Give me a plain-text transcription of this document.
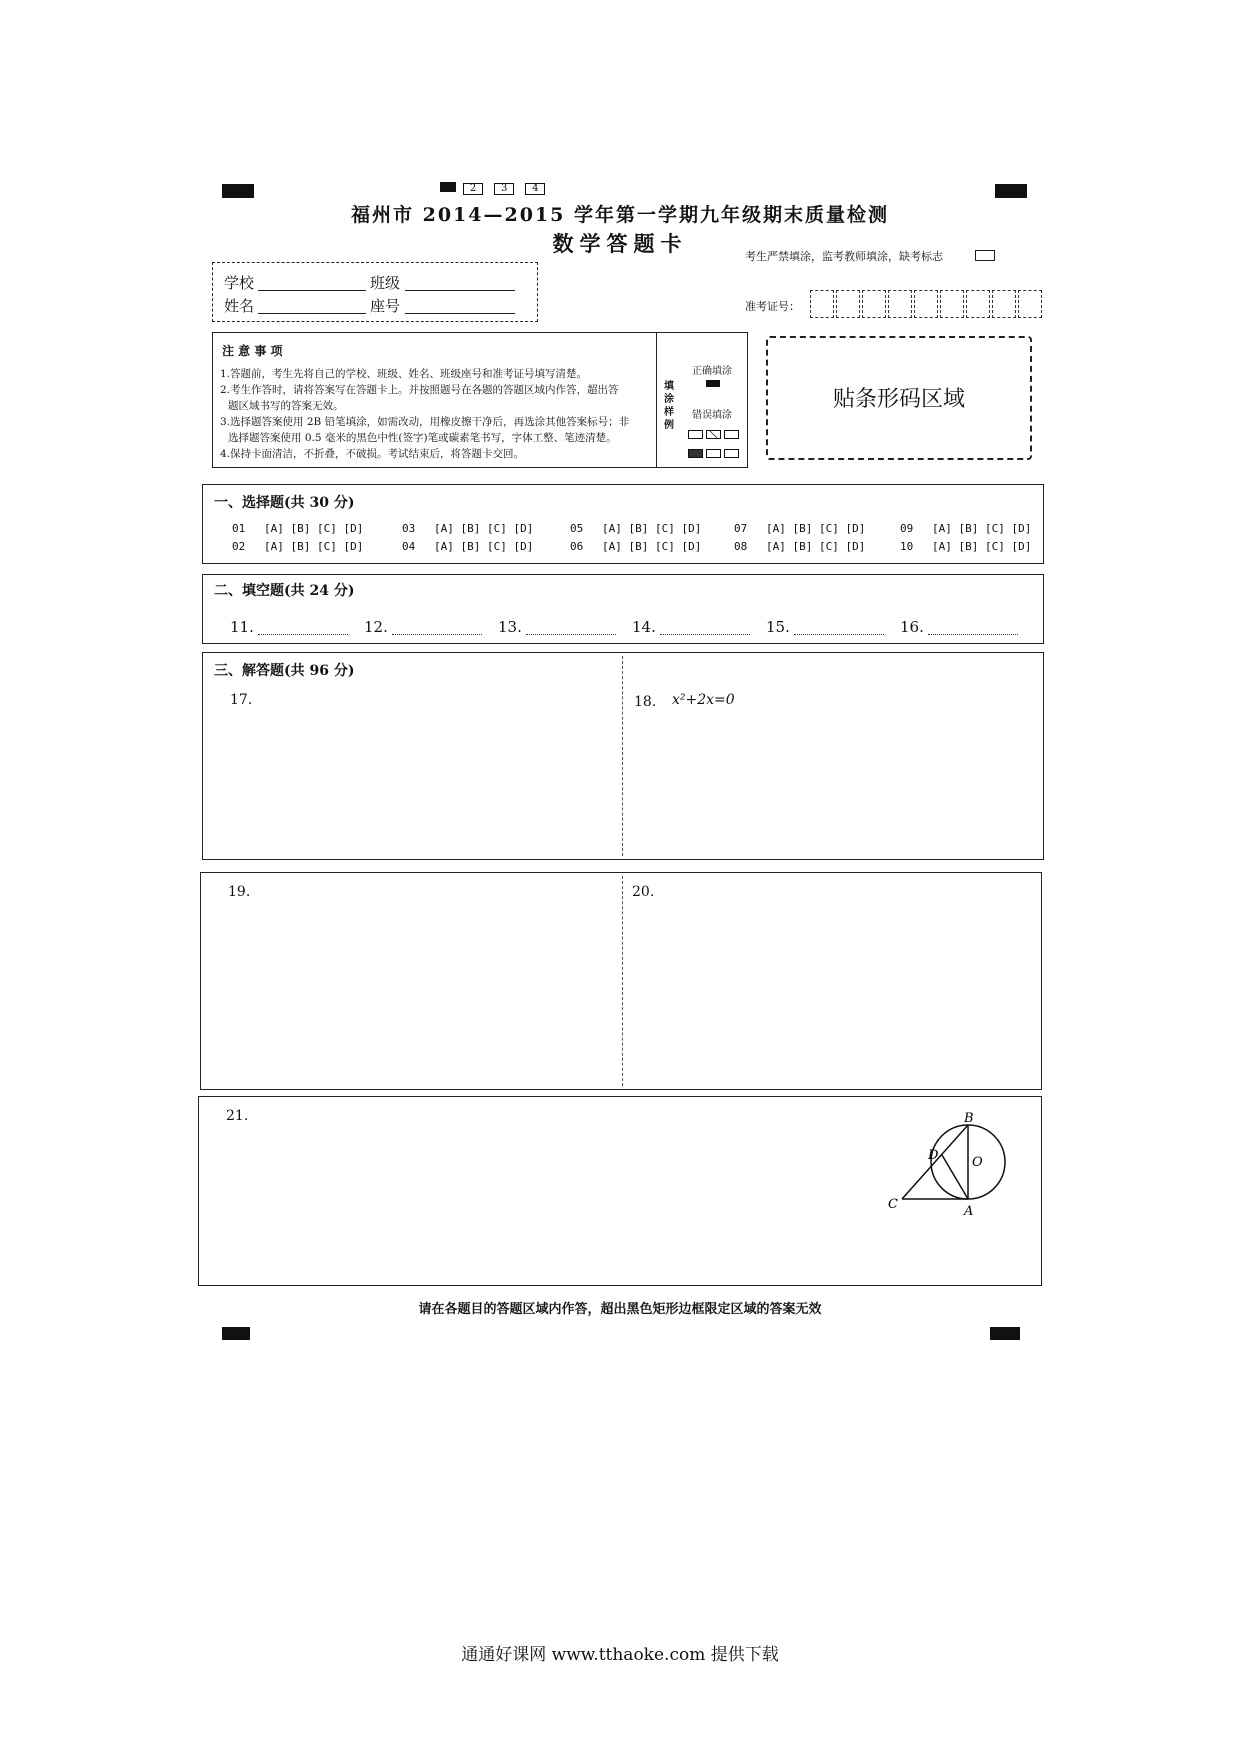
2 3 4
福州市 2014—2015 学年第一学期九年级期末质量检测
数学答题卡
考生严禁填涂，监考教师填涂，缺考标志
学校	班级
姓名	座号	准考证号：
注 意 事 项
1.答题前，考生先将自己的学校、班级、姓名、班级座号和准考证号填写清楚。
2.考生作答时，请将答案写在答题卡上。并按照题号在各题的答题区域内作答，超出答
题区域书写的答案无效。
3.选择题答案使用 2B 铅笔填涂，如需改动，用橡皮擦干净后，再选涂其他答案标号；非
选择题答案使用 0.5 毫米的黑色中性(签字)笔或碳素笔书写，字体工整、笔迹清楚。
4.保持卡面清洁，不折叠，不破损。考试结束后，将答题卡交回。
填涂样例
正确填涂
错误填涂

贴条形码区域
一、选择题(共 30 分)
01 [A] [B] [C] [D]	03 [A] [B] [C] [D]	05 [A] [B] [C] [D]	07 [A] [B] [C] [D]	09 [A] [B] [C] [D]
02 [A] [B] [C] [D]	04 [A] [B] [C] [D]	06 [A] [B] [C] [D]	08 [A] [B] [C] [D]	10 [A] [B] [C] [D]
二、填空题(共 24 分)
11.	12.	13.	14.	15.	16.
三、解答题(共 96 分)
17.	18. x²+2x=0
19.	20.
21.	B
D	O
C	A
请在各题目的答题区域内作答，超出黑色矩形边框限定区域的答案无效
通通好课网 www.tthaoke.com 提供下载
